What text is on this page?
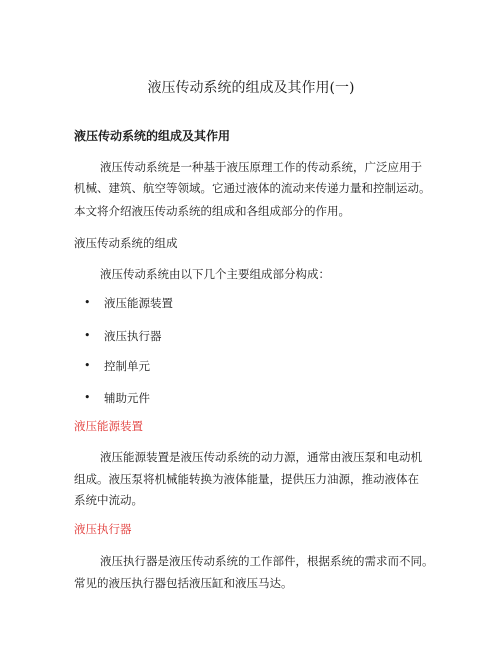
液压传动系统的组成及其作用(一)
液压传动系统的组成及其作用

液压传动系统是一种基于液压原理工作的传动系统，广泛应用于

机械、建筑、航空等领域。它通过液体的流动来传递力量和控制运动。

本文将介绍液压传动系统的组成和各组成部分的作用。

液压传动系统的组成

液压传动系统由以下几个主要组成部分构成：

• 液压能源装置
• 液压执行器
• 控制单元
• 辅助元件

液压能源装置

液压能源装置是液压传动系统的动力源，通常由液压泵和电动机

组成。液压泵将机械能转换为液体能量，提供压力油源，推动液体在

系统中流动。

液压执行器

液压执行器是液压传动系统的工作部件，根据系统的需求而不同。

常见的液压执行器包括液压缸和液压马达。
